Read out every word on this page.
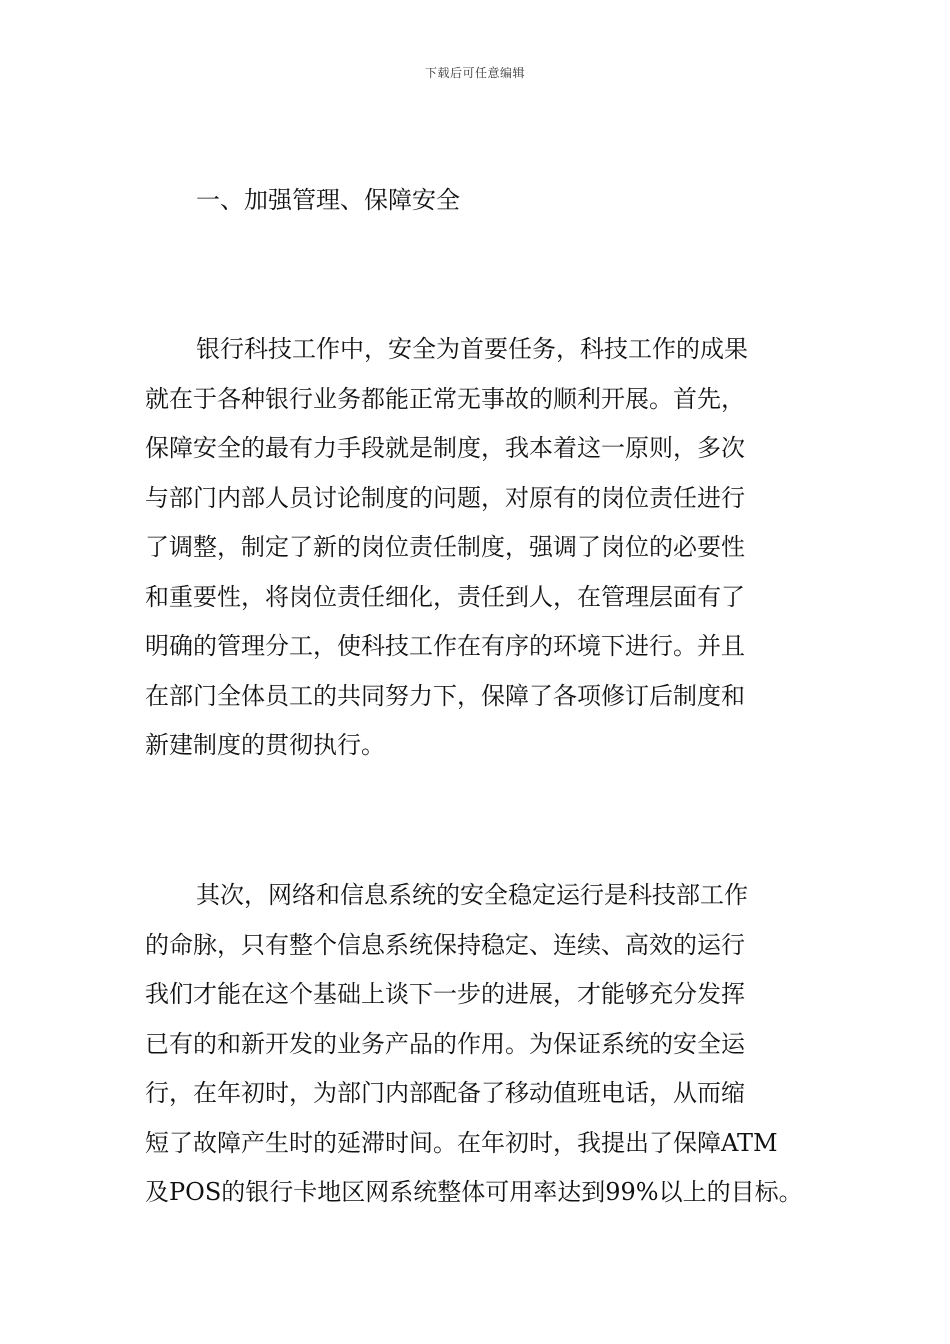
下载后可任意编辑
一、加强管理、保障安全
银行科技工作中，安全为首要任务，科技工作的成果
就在于各种银行业务都能正常无事故的顺利开展。首先，
保障安全的最有力手段就是制度，我本着这一原则，多次
与部门内部人员讨论制度的问题，对原有的岗位责任进行
了调整，制定了新的岗位责任制度，强调了岗位的必要性
和重要性，将岗位责任细化，责任到人，在管理层面有了
明确的管理分工，使科技工作在有序的环境下进行。并且
在部门全体员工的共同努力下，保障了各项修订后制度和
新建制度的贯彻执行。
其次，网络和信息系统的安全稳定运行是科技部工作
的命脉，只有整个信息系统保持稳定、连续、高效的运行
我们才能在这个基础上谈下一步的进展，才能够充分发挥
已有的和新开发的业务产品的作用。为保证系统的安全运
行，在年初时，为部门内部配备了移动值班电话，从而缩
短了故障产生时的延滞时间。在年初时，我提出了保障ATM
及POS的银行卡地区网系统整体可用率达到99%以上的目标。
